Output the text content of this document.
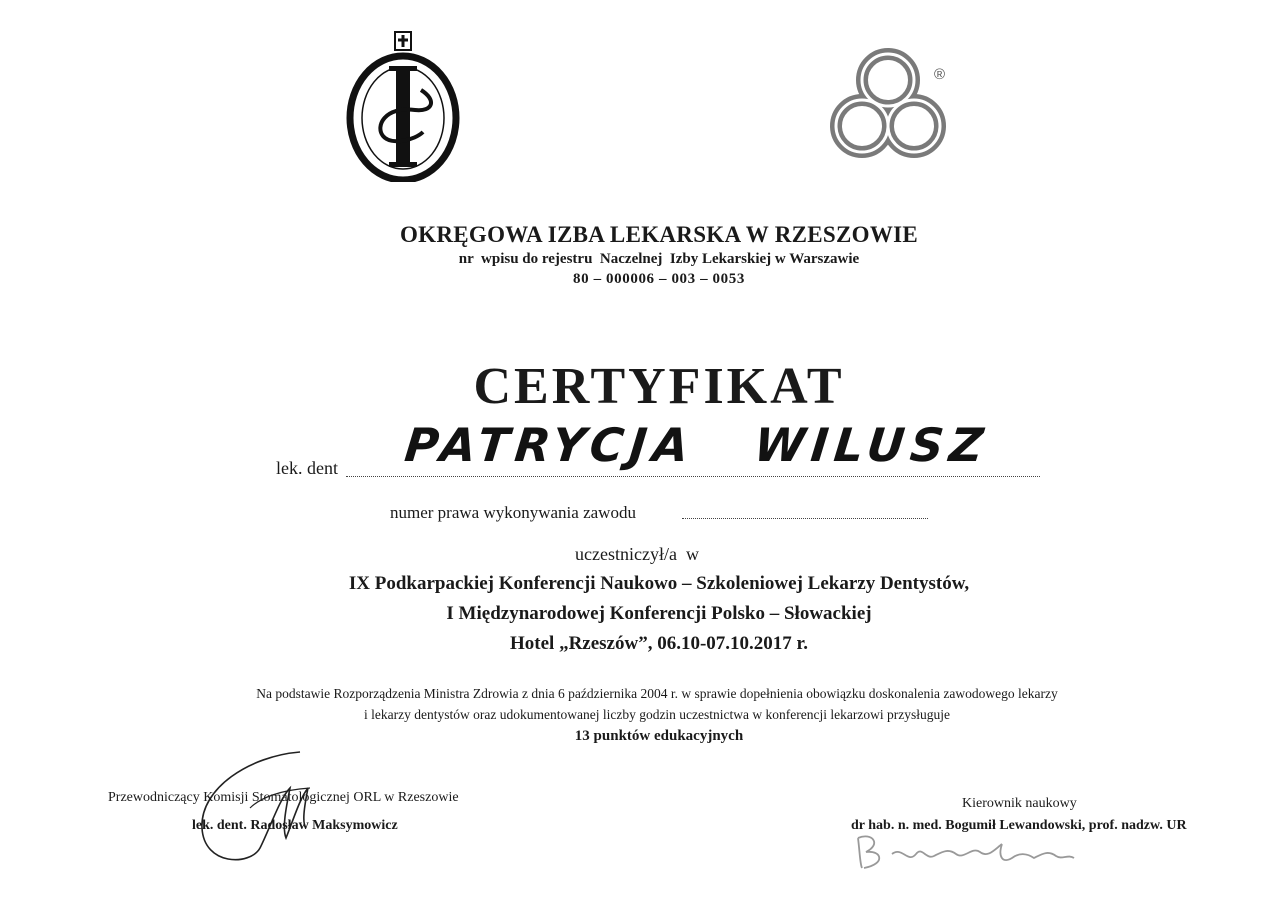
®
OKRĘGOWA IZBA LEKARSKA W RZESZOWIE
nr  wpisu do rejestru  Naczelnej  Izby Lekarskiej w Warszawie
80 – 000006 – 003 – 0053
CERTYFIKAT
lek. dent PATRYCJA WILUSZ
numer prawa wykonywania zawodu
uczestniczył/a  w
IX Podkarpackiej Konferencji Naukowo – Szkoleniowej Lekarzy Dentystów,
I Międzynarodowej Konferencji Polsko – Słowackiej
Hotel „Rzeszów”, 06.10-07.10.2017 r.
Na podstawie Rozporządzenia Ministra Zdrowia z dnia 6 października 2004 r. w sprawie dopełnienia obowiązku doskonalenia zawodowego lekarzy
i lekarzy dentystów oraz udokumentowanej liczby godzin uczestnictwa w konferencji lekarzowi przysługuje
13 punktów edukacyjnych
Przewodniczący Komisji Stomatologicznej ORL w Rzeszowie
lek. dent. Radosław Maksymowicz
Kierownik naukowy
dr hab. n. med. Bogumił Lewandowski, prof. nadzw. UR
